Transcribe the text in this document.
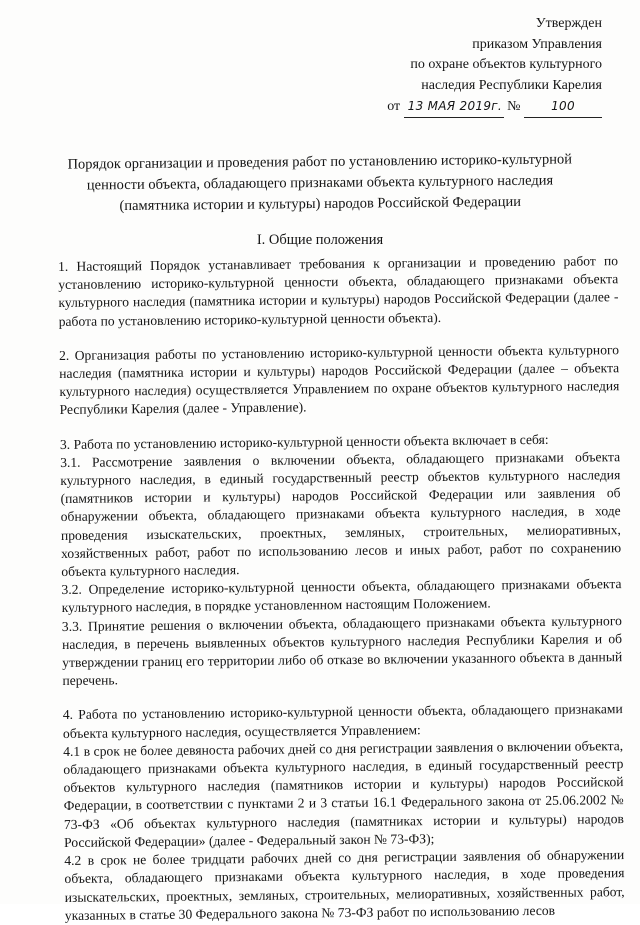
Утвержден
приказом Управления
по охране объектов культурного
наследия Республики Карелия
от 13 МАЯ 2019г. №	100
Порядок организации и проведения работ по установлению историко-культурной
ценности объекта, обладающего признаками объекта культурного наследия
(памятника истории и культуры) народов Российской Федерации
I. Общие положения

1. Настоящий Порядок устанавливает требования к организации и проведению работ по установлению историко-культурной ценности объекта, обладающего признаками объекта культурного наследия (памятника истории и культуры) народов Российской Федерации (далее - работа по установлению историко-культурной ценности объекта).

2. Организация работы по установлению историко-культурной ценности объекта культурного наследия (памятника истории и культуры) народов Российской Федерации (далее – объекта культурного наследия) осуществляется Управлением по охране объектов культурного наследия Республики Карелия (далее - Управление).

3. Работа по установлению историко-культурной ценности объекта включает в себя:

3.1. Рассмотрение заявления о включении объекта, обладающего признаками объекта культурного наследия, в единый государственный реестр объектов культурного наследия (памятников истории и культуры) народов Российской Федерации или заявления об обнаружении объекта, обладающего признаками объекта культурного наследия, в ходе проведения изыскательских, проектных, земляных, строительных, мелиоративных, хозяйственных работ, работ по использованию лесов и иных работ, работ по сохранению объекта культурного наследия.

3.2. Определение историко-культурной ценности объекта, обладающего признаками объекта культурного наследия, в порядке установленном настоящим Положением.

3.3. Принятие решения о включении объекта, обладающего признаками объекта культурного наследия, в перечень выявленных объектов культурного наследия Республики Карелия и об утверждении границ его территории либо об отказе во включении указанного объекта в данный перечень.

4. Работа по установлению историко-культурной ценности объекта, обладающего признаками объекта культурного наследия, осуществляется Управлением:

4.1 в срок не более девяноста рабочих дней со дня регистрации заявления о включении объекта, обладающего признаками объекта культурного наследия, в единый государственный реестр объектов культурного наследия (памятников истории и культуры) народов Российской Федерации, в соответствии с пунктами 2 и 3 статьи 16.1 Федерального закона от 25.06.2002 № 73-ФЗ «Об объектах культурного наследия (памятниках истории и культуры) народов Российской Федерации» (далее - Федеральный закон № 73-ФЗ);

4.2 в срок не более тридцати рабочих дней со дня регистрации заявления об обнаружении объекта, обладающего признаками объекта культурного наследия, в ходе проведения изыскательских, проектных, земляных, строительных, мелиоративных, хозяйственных работ, указанных в статье 30 Федерального закона № 73-ФЗ работ по использованию лесов
